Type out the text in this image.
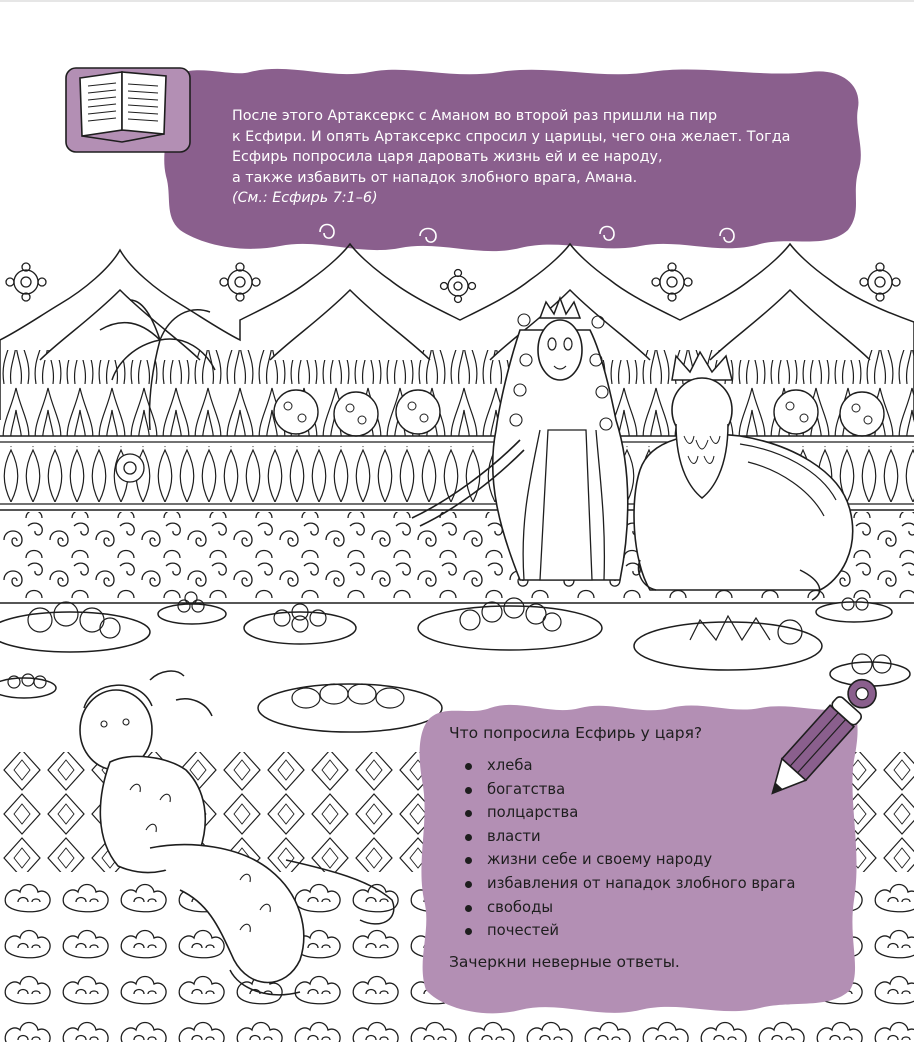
После этого Артаксеркс с Аманом во второй раз пришли на пир
к Есфири. И опять Артаксеркс спросил у царицы, чего она желает. Тогда
Есфирь попросила царя даровать жизнь ей и ее народу,
а также избавить от нападок злобного врага, Амана.
(См.: Есфирь 7:1–6)
Что попросила Есфирь у царя?
хлеба
богатства
полцарства
власти
жизни себе и своему народу
избавления от нападок злобного врага
свободы
почестей
Зачеркни неверные ответы.
